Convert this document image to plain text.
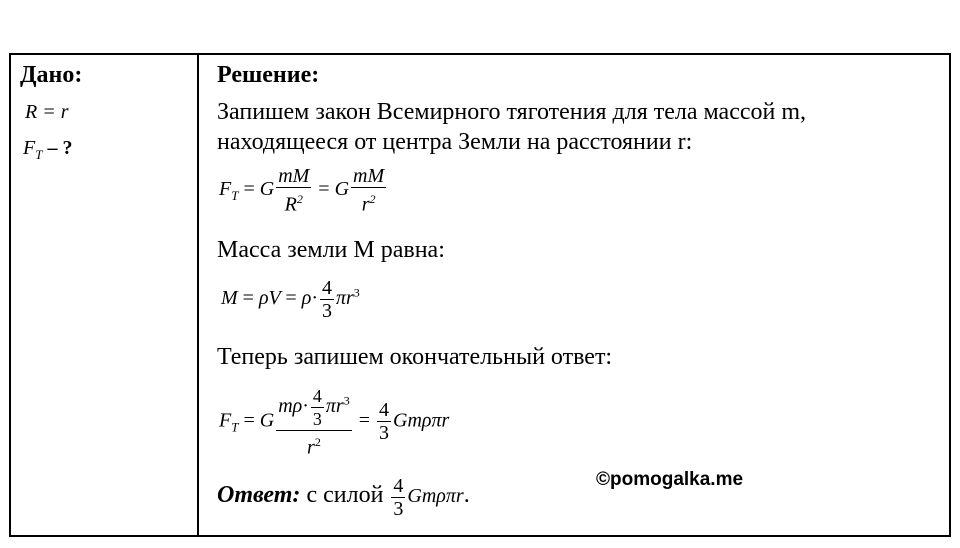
Дано:
R = r
$F_T$ – ?
Решение:
Запишем закон Всемирного тяготения для тела массой m,
находящееся от центра Земли на расстоянии r:
$F_T = G \frac{mM}{R^2} = G \frac{mM}{r^2}$
Масса земли М равна:
$M = \rho V = \rho\cdot \frac{4}{3} \pi r^3$
Теперь запишем окончательный ответ:
$F_T = G \frac{m\rho\cdot \frac{4}{3} \pi r^3}{r^2} = \frac{4}{3}$ Gmρπr
Ответ: с силой $\frac{4}{3} Gm\rho\pi r$.
©pomogalka.me
